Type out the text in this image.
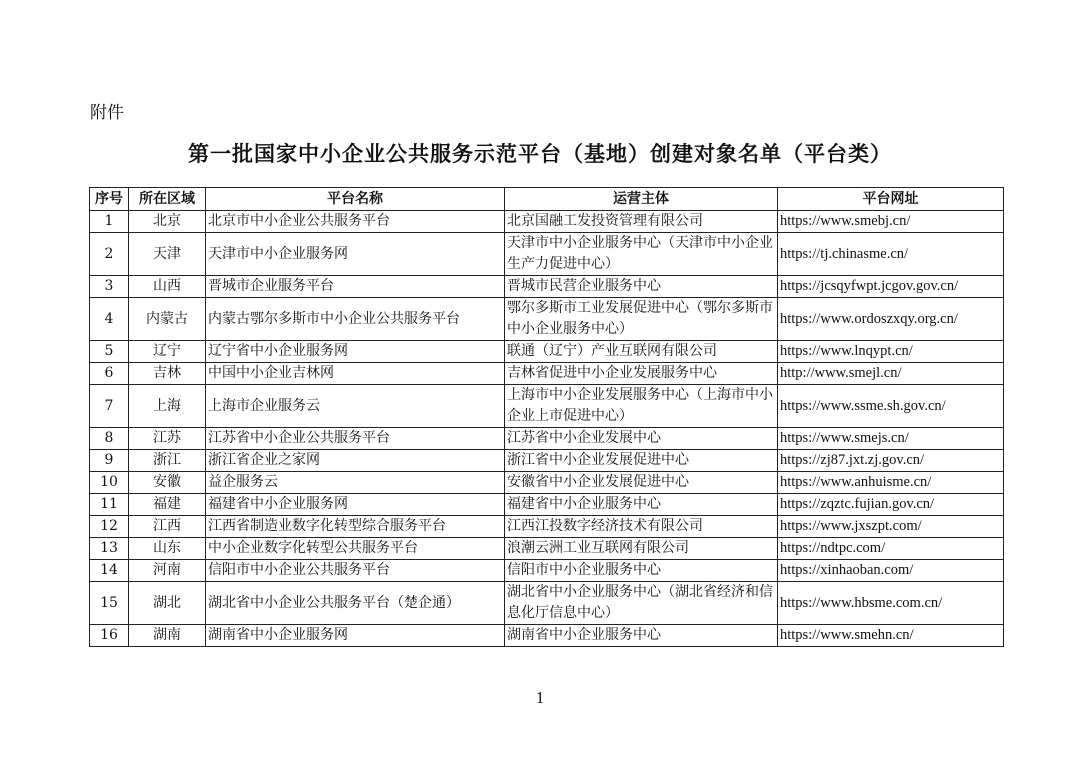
附件
第一批国家中小企业公共服务示范平台（基地）创建对象名单（平台类）
序号	所在区域	平台名称	运营主体	平台网址
1	北京	北京市中小企业公共服务平台	北京国融工发投资管理有限公司	https://www.smebj.cn/
2	天津	天津市中小企业服务网	天津市中小企业服务中心（天津市中小企业生产力促进中心）	https://tj.chinasme.cn/
3	山西	晋城市企业服务平台	晋城市民营企业服务中心	https://jcsqyfwpt.jcgov.gov.cn/
4	内蒙古	内蒙古鄂尔多斯市中小企业公共服务平台	鄂尔多斯市工业发展促进中心（鄂尔多斯市中小企业服务中心）	https://www.ordoszxqy.org.cn/
5	辽宁	辽宁省中小企业服务网	联通（辽宁）产业互联网有限公司	https://www.lnqypt.cn/
6	吉林	中国中小企业吉林网	吉林省促进中小企业发展服务中心	http://www.smejl.cn/
7	上海	上海市企业服务云	上海市中小企业发展服务中心（上海市中小企业上市促进中心）	https://www.ssme.sh.gov.cn/
8	江苏	江苏省中小企业公共服务平台	江苏省中小企业发展中心	https://www.smejs.cn/
9	浙江	浙江省企业之家网	浙江省中小企业发展促进中心	https://zj87.jxt.zj.gov.cn/
10	安徽	益企服务云	安徽省中小企业发展促进中心	https://www.anhuisme.cn/
11	福建	福建省中小企业服务网	福建省中小企业服务中心	https://zqztc.fujian.gov.cn/
12	江西	江西省制造业数字化转型综合服务平台	江西江投数字经济技术有限公司	https://www.jxszpt.com/
13	山东	中小企业数字化转型公共服务平台	浪潮云洲工业互联网有限公司	https://ndtpc.com/
14	河南	信阳市中小企业公共服务平台	信阳市中小企业服务中心	https://xinhaoban.com/
15	湖北	湖北省中小企业公共服务平台（楚企通）	湖北省中小企业服务中心（湖北省经济和信息化厅信息中心）	https://www.hbsme.com.cn/
16	湖南	湖南省中小企业服务网	湖南省中小企业服务中心	https://www.smehn.cn/
1
